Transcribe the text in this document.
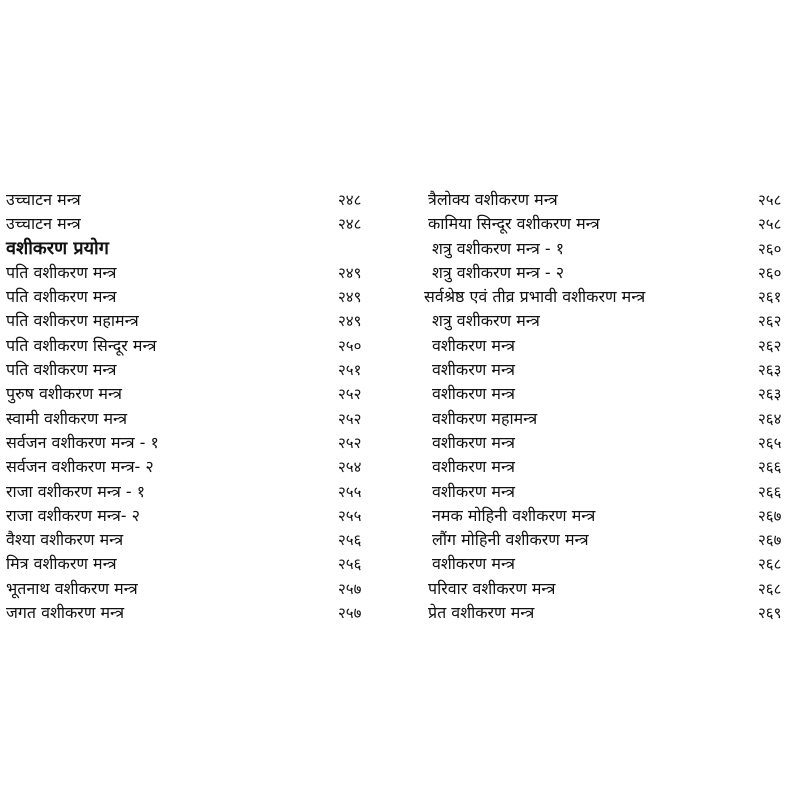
उच्चाटन मन्त्र	२४८
उच्चाटन मन्त्र	२४८
वशीकरण प्रयोग
पति वशीकरण मन्त्र	२४९
पति वशीकरण मन्त्र	२४९
पति वशीकरण महामन्त्र	२४९
पति वशीकरण सिन्दूर मन्त्र	२५०
पति वशीकरण मन्त्र	२५१
पुरुष वशीकरण मन्त्र	२५२
स्वामी वशीकरण मन्त्र	२५२
सर्वजन वशीकरण मन्त्र - १	२५२
सर्वजन वशीकरण मन्त्र- २	२५४
राजा वशीकरण मन्त्र - १	२५५
राजा वशीकरण मन्त्र- २	२५५
वैश्या वशीकरण मन्त्र	२५६
मित्र वशीकरण मन्त्र	२५६
भूतनाथ वशीकरण मन्त्र	२५७
जगत वशीकरण मन्त्र	२५७
त्रैलोक्य वशीकरण मन्त्र	२५८
कामिया सिन्दूर वशीकरण मन्त्र	२५८
शत्रु वशीकरण मन्त्र - १	२६०
शत्रु वशीकरण मन्त्र - २	२६०
सर्वश्रेष्ठ एवं तीव्र प्रभावी वशीकरण मन्त्र	२६१
शत्रु वशीकरण मन्त्र	२६२
वशीकरण मन्त्र	२६२
वशीकरण मन्त्र	२६३
वशीकरण मन्त्र	२६३
वशीकरण महामन्त्र	२६४
वशीकरण मन्त्र	२६५
वशीकरण मन्त्र	२६६
वशीकरण मन्त्र	२६६
नमक मोहिनी वशीकरण मन्त्र	२६७
लौंग मोहिनी वशीकरण मन्त्र	२६७
वशीकरण मन्त्र	२६८
परिवार वशीकरण मन्त्र	२६८
प्रेत वशीकरण मन्त्र	२६९
